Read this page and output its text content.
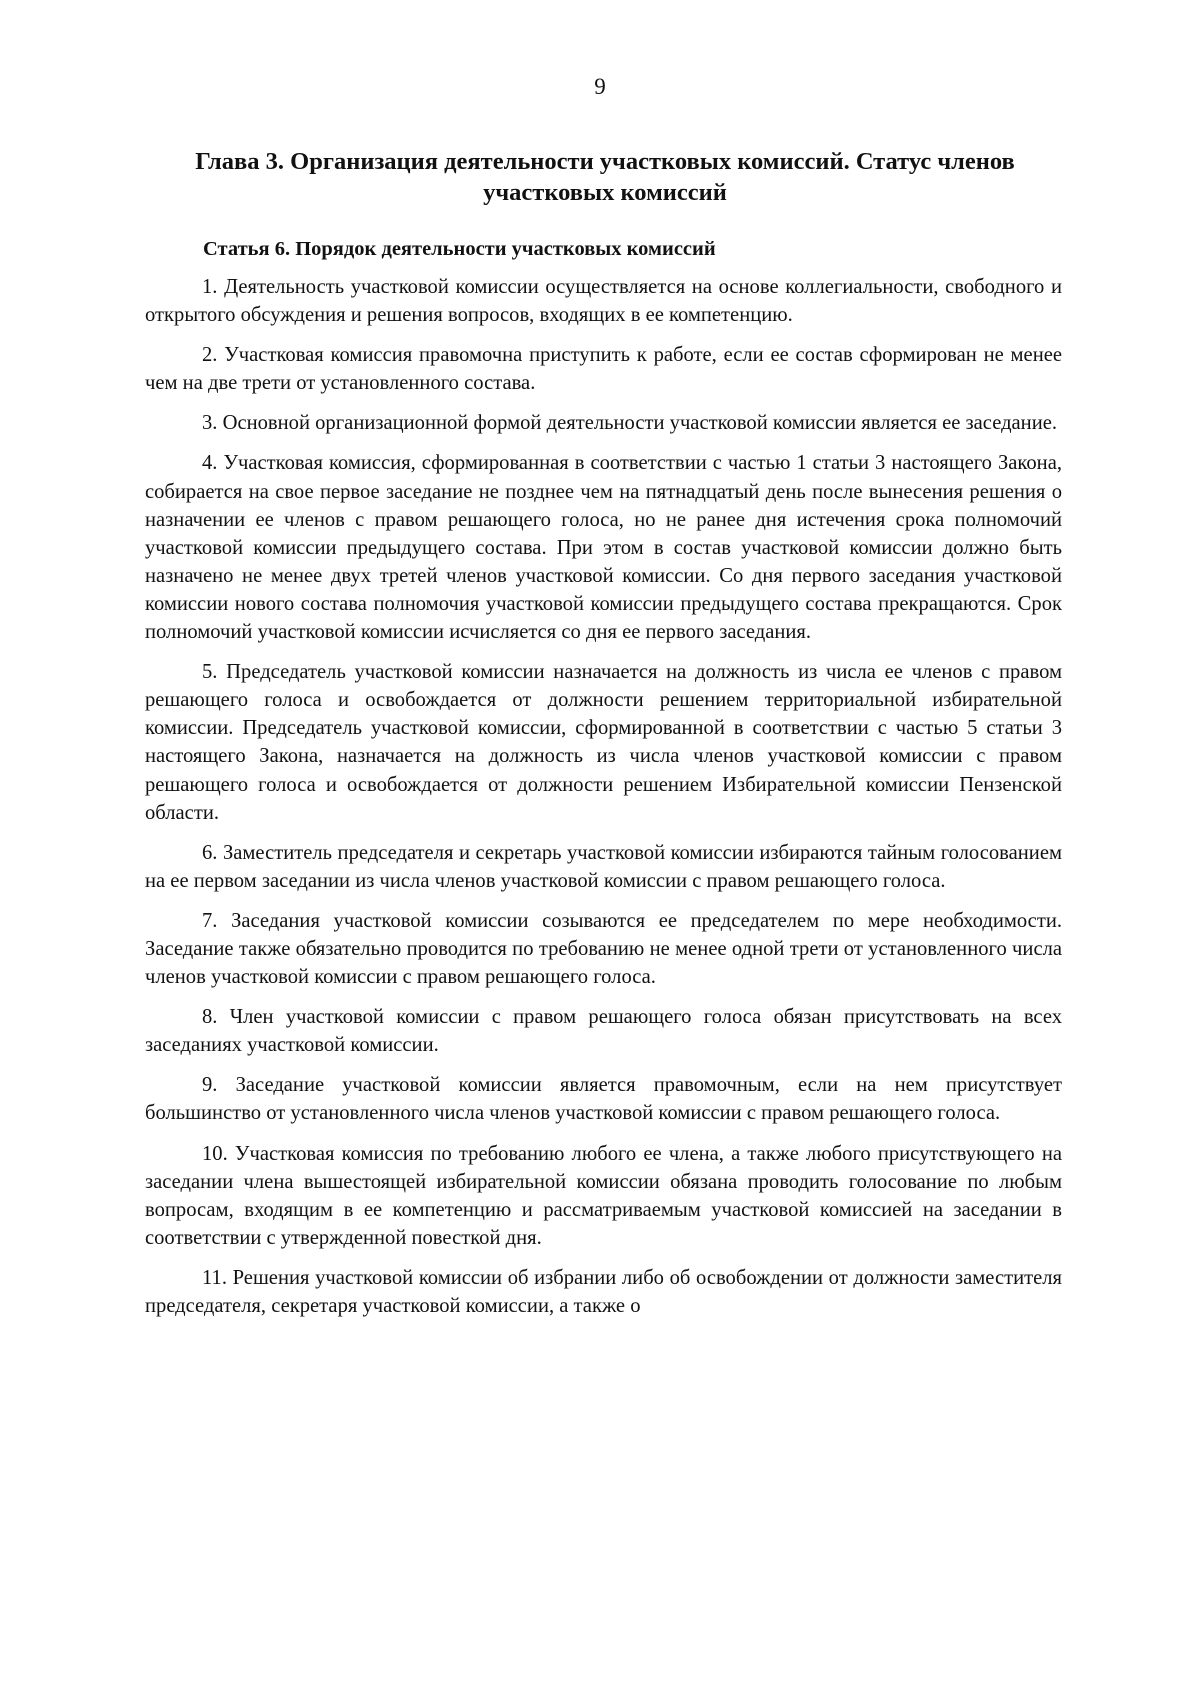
9
Глава 3. Организация деятельности участковых комиссий. Статус членов участковых комиссий
Статья 6. Порядок деятельности участковых комиссий

1. Деятельность участковой комиссии осуществляется на основе коллегиальности, свободного и открытого обсуждения и решения вопросов, входящих в ее компетенцию.

2. Участковая комиссия правомочна приступить к работе, если ее состав сформирован не менее чем на две трети от установленного состава.

3. Основной организационной формой деятельности участковой комиссии является ее заседание.

4. Участковая комиссия, сформированная в соответствии с частью 1 статьи 3 настоящего Закона, собирается на свое первое заседание не позднее чем на пятнадцатый день после вынесения решения о назначении ее членов с правом решающего голоса, но не ранее дня истечения срока полномочий участковой комиссии предыдущего состава. При этом в состав участковой комиссии должно быть назначено не менее двух третей членов участковой комиссии. Со дня первого заседания участковой комиссии нового состава полномочия участковой комиссии предыдущего состава прекращаются. Срок полномочий участковой комиссии исчисляется со дня ее первого заседания.

5. Председатель участковой комиссии назначается на должность из числа ее членов с правом решающего голоса и освобождается от должности решением территориальной избирательной комиссии. Председатель участковой комиссии, сформированной в соответствии с частью 5 статьи 3 настоящего Закона, назначается на должность из числа членов участковой комиссии с правом решающего голоса и освобождается от должности решением Избирательной комиссии Пензенской области.

6. Заместитель председателя и секретарь участковой комиссии избираются тайным голосованием на ее первом заседании из числа членов участковой комиссии с правом решающего голоса.

7. Заседания участковой комиссии созываются ее председателем по мере необходимости. Заседание также обязательно проводится по требованию не менее одной трети от установленного числа членов участковой комиссии с правом решающего голоса.

8. Член участковой комиссии с правом решающего голоса обязан присутствовать на всех заседаниях участковой комиссии.

9. Заседание участковой комиссии является правомочным, если на нем присутствует большинство от установленного числа членов участковой комиссии с правом решающего голоса.

10. Участковая комиссия по требованию любого ее члена, а также любого присутствующего на заседании члена вышестоящей избирательной комиссии обязана проводить голосование по любым вопросам, входящим в ее компетенцию и рассматриваемым участковой комиссией на заседании в соответствии с утвержденной повесткой дня.

11. Решения участковой комиссии об избрании либо об освобождении от должности заместителя председателя, секретаря участковой комиссии, а также о
